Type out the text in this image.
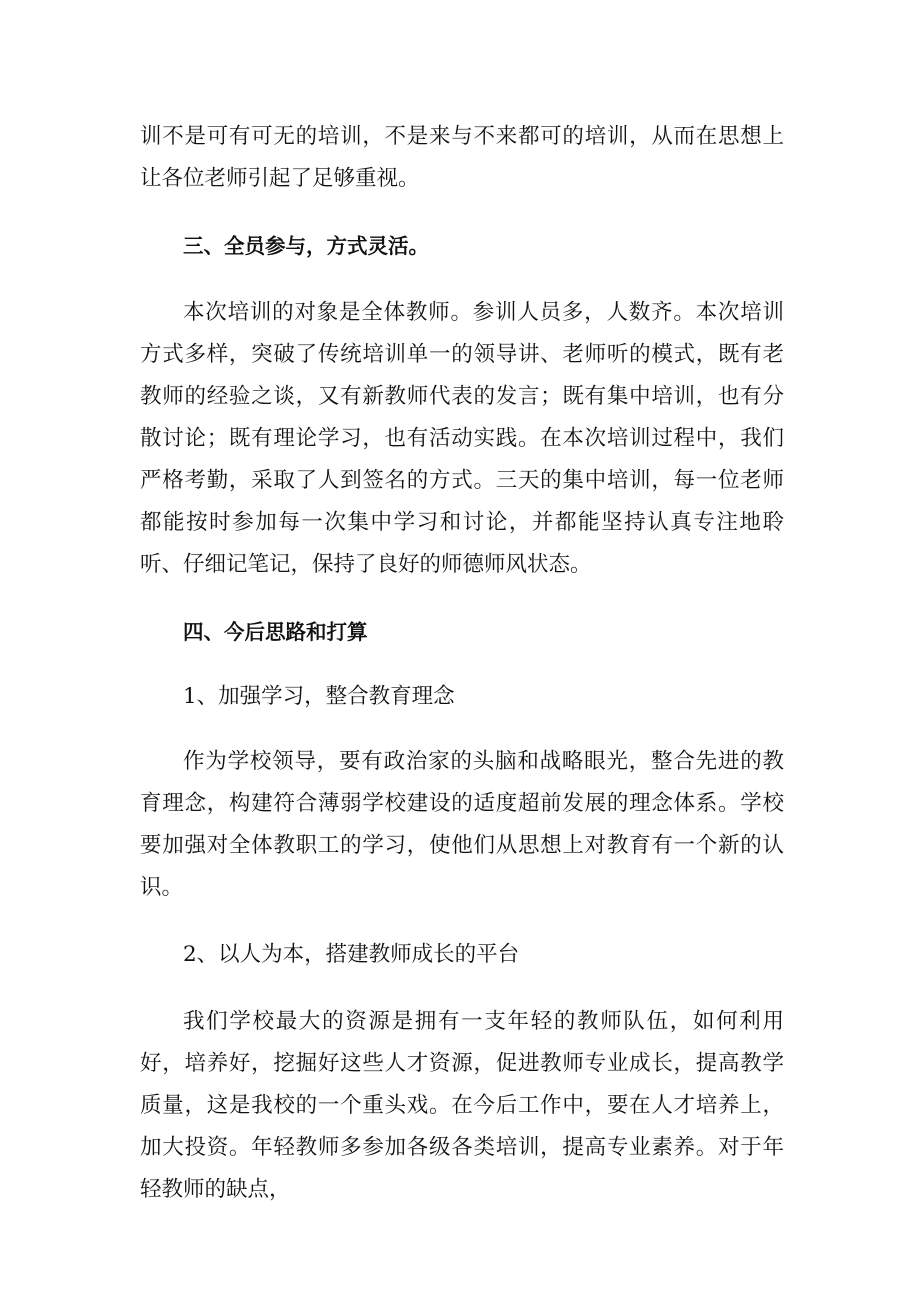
训不是可有可无的培训，不是来与不来都可的培训，从而在思想上让各位老师引起了足够重视。

三、全员参与，方式灵活。

本次培训的对象是全体教师。参训人员多，人数齐。本次培训方式多样，突破了传统培训单一的领导讲、老师听的模式，既有老教师的经验之谈，又有新教师代表的发言；既有集中培训，也有分散讨论；既有理论学习，也有活动实践。在本次培训过程中，我们严格考勤，采取了人到签名的方式。三天的集中培训，每一位老师都能按时参加每一次集中学习和讨论，并都能坚持认真专注地聆听、仔细记笔记，保持了良好的师德师风状态。

四、今后思路和打算

1、加强学习，整合教育理念

作为学校领导，要有政治家的头脑和战略眼光，整合先进的教育理念，构建符合薄弱学校建设的适度超前发展的理念体系。学校要加强对全体教职工的学习，使他们从思想上对教育有一个新的认识。

2、以人为本，搭建教师成长的平台

我们学校最大的资源是拥有一支年轻的教师队伍，如何利用好，培养好，挖掘好这些人才资源，促进教师专业成长，提高教学质量，这是我校的一个重头戏。在今后工作中，要在人才培养上，加大投资。年轻教师多参加各级各类培训，提高专业素养。对于年轻教师的缺点，
